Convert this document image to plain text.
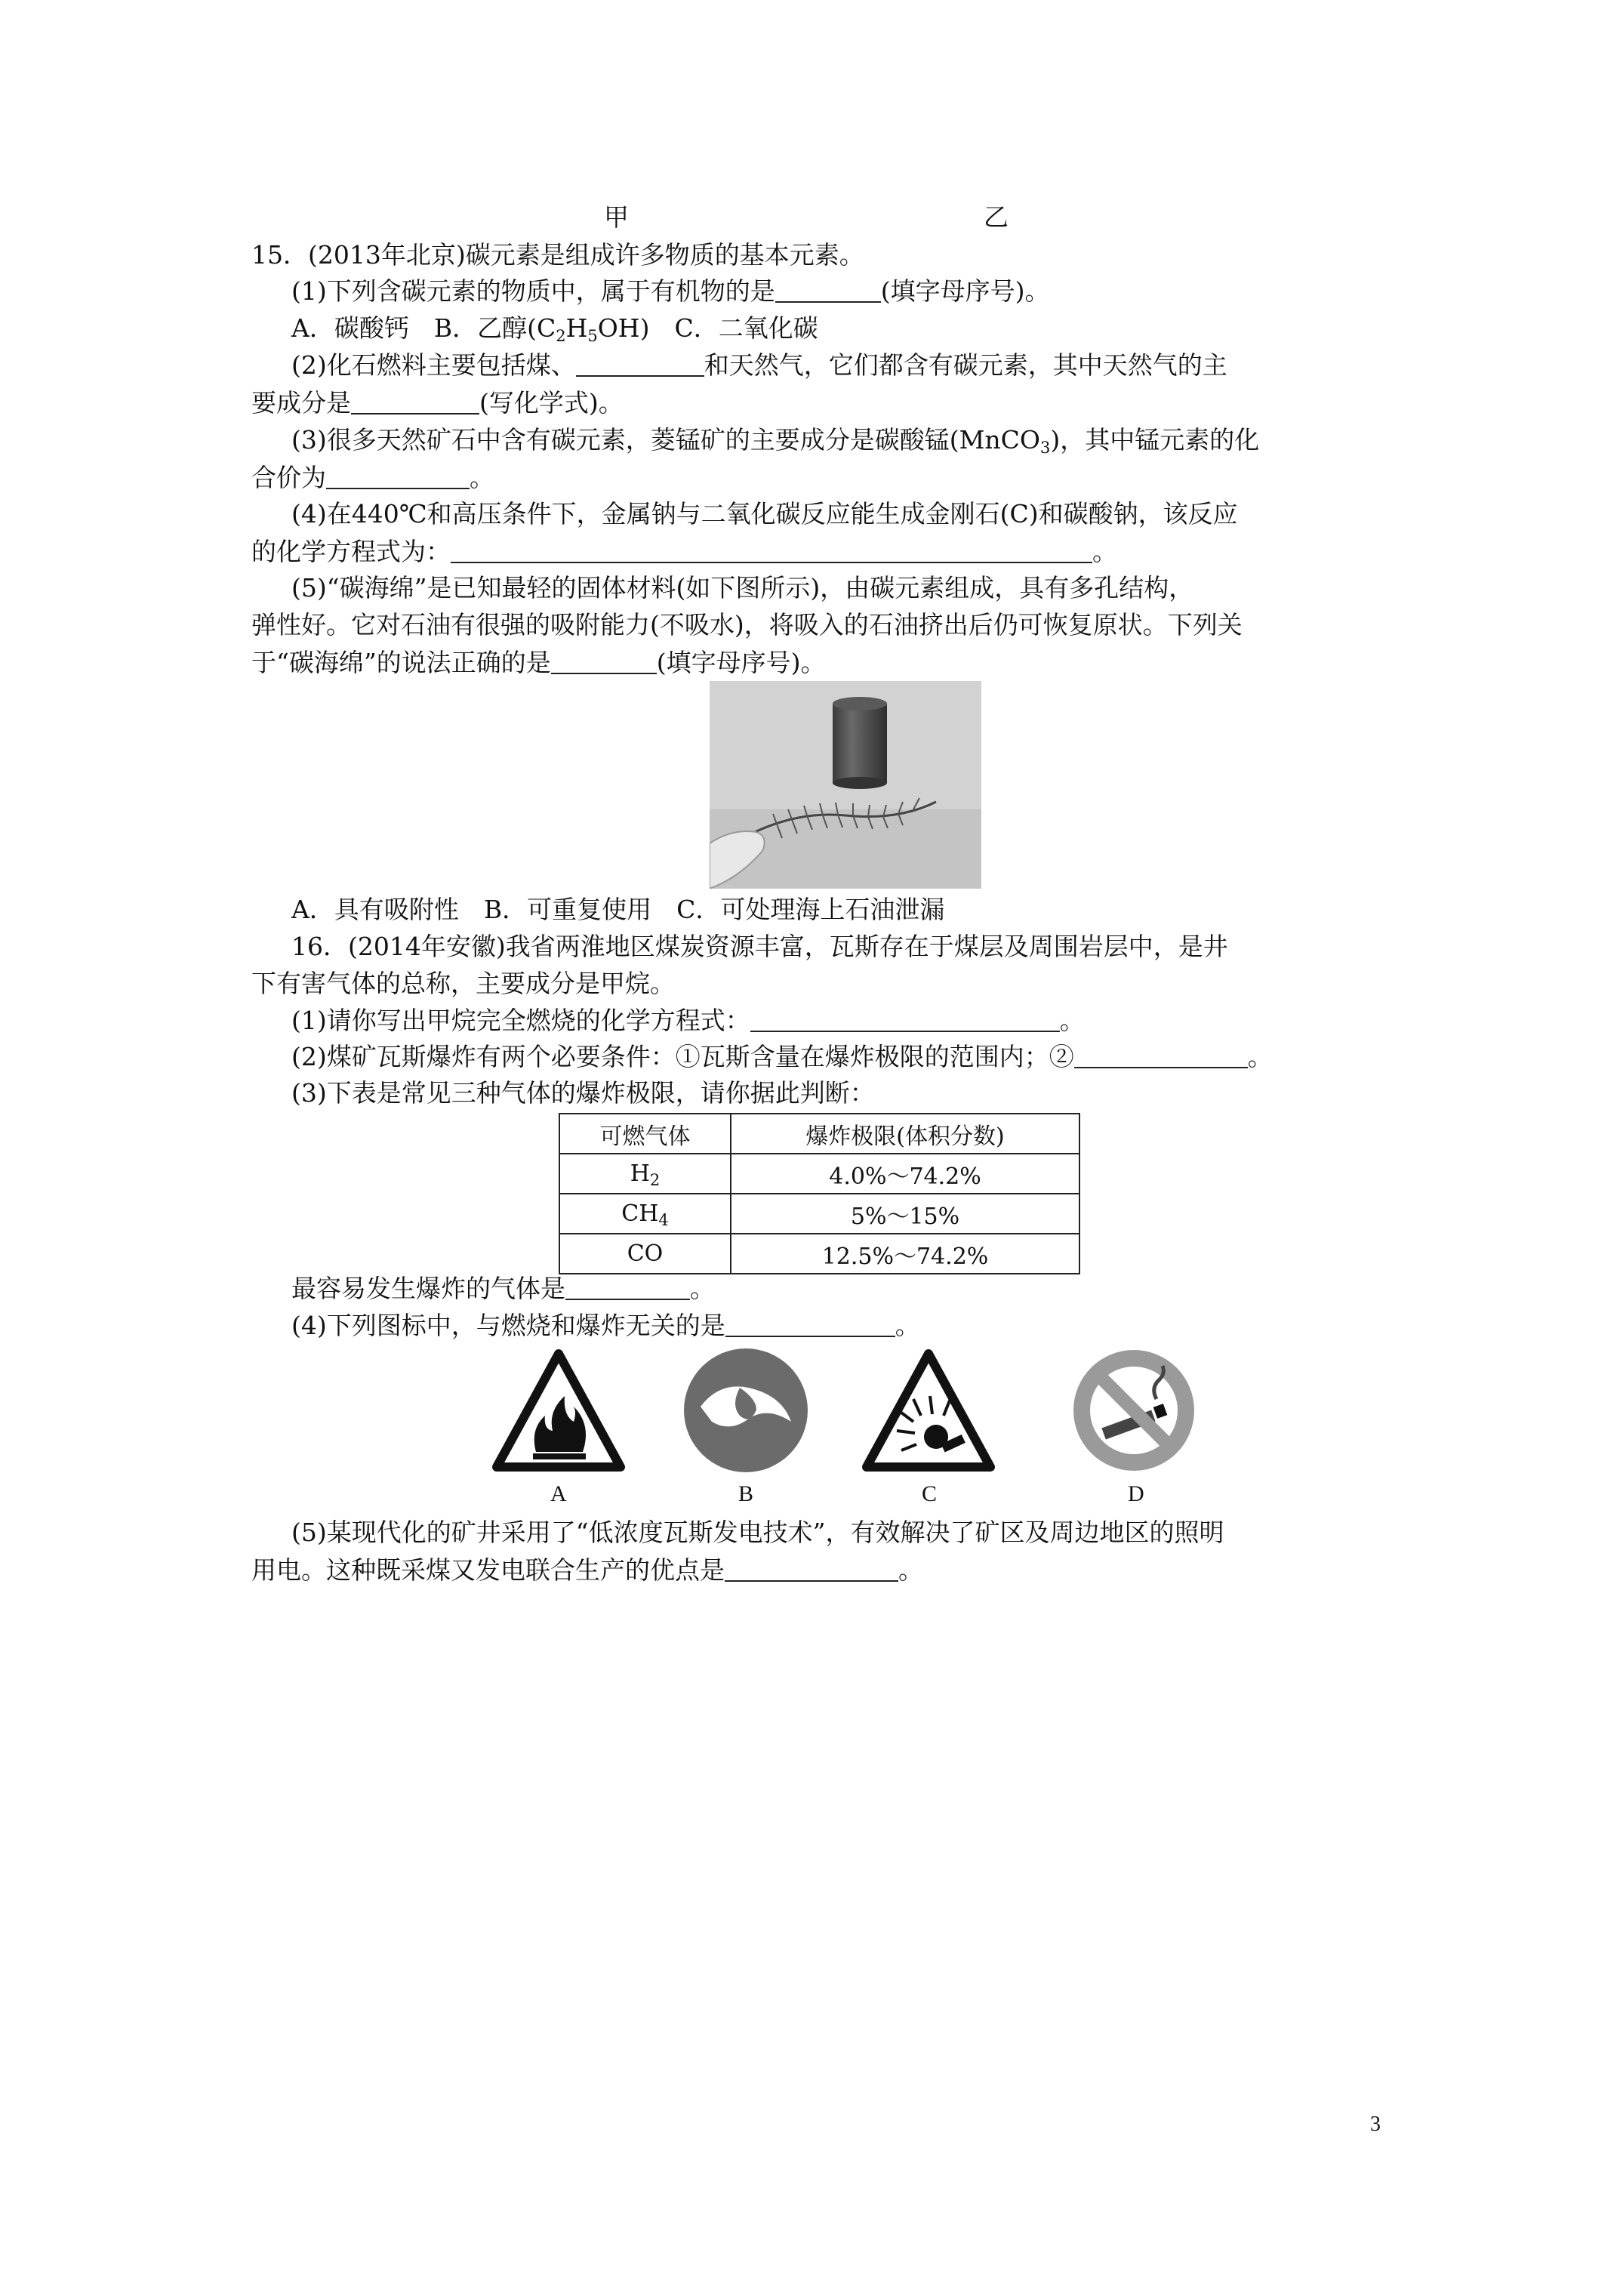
甲	乙
15．(2013年北京)碳元素是组成许多物质的基本元素。
(1)下列含碳元素的物质中，属于有机物的是	(填字母序号)。
A．碳酸钙　B．乙醇$(C_2H_5OH)$　C．二氧化碳
(2)化石燃料主要包括煤、	和天然气，它们都含有碳元素，其中天然气的主
要成分是	(写化学式)。
(3)很多天然矿石中含有碳元素，菱锰矿的主要成分是碳酸锰(MnCO$_3$)，其中锰元素的化
合价为	。
(4)在440℃和高压条件下，金属钠与二氧化碳反应能生成金刚石(C)和碳酸钠，该反应
的化学方程式为：	。
(5)“碳海绵”是已知最轻的固体材料(如下图所示)，由碳元素组成，具有多孔结构，
弹性好。它对石油有很强的吸附能力(不吸水)，将吸入的石油挤出后仍可恢复原状。下列关
于“碳海绵”的说法正确的是	(填字母序号)。
A．具有吸附性　B．可重复使用　C．可处理海上石油泄漏
16．(2014年安徽)我省两淮地区煤炭资源丰富，瓦斯存在于煤层及周围岩层中，是井
下有害气体的总称，主要成分是甲烷。
(1)请你写出甲烷完全燃烧的化学方程式：	。
(2)煤矿瓦斯爆炸有两个必要条件：①瓦斯含量在爆炸极限的范围内；②	。
(3)下表是常见三种气体的爆炸极限，请你据此判断：
可燃气体	爆炸极限(体积分数)
$H_2$	4.0%～74.2%
$CH_4$	5%～15%
CO	12.5%～74.2%
最容易发生爆炸的气体是	。
(4)下列图标中，与燃烧和爆炸无关的是	。
A	B	C	D
(5)某现代化的矿井采用了“低浓度瓦斯发电技术”，有效解决了矿区及周边地区的照明
用电。这种既采煤又发电联合生产的优点是	。
3
